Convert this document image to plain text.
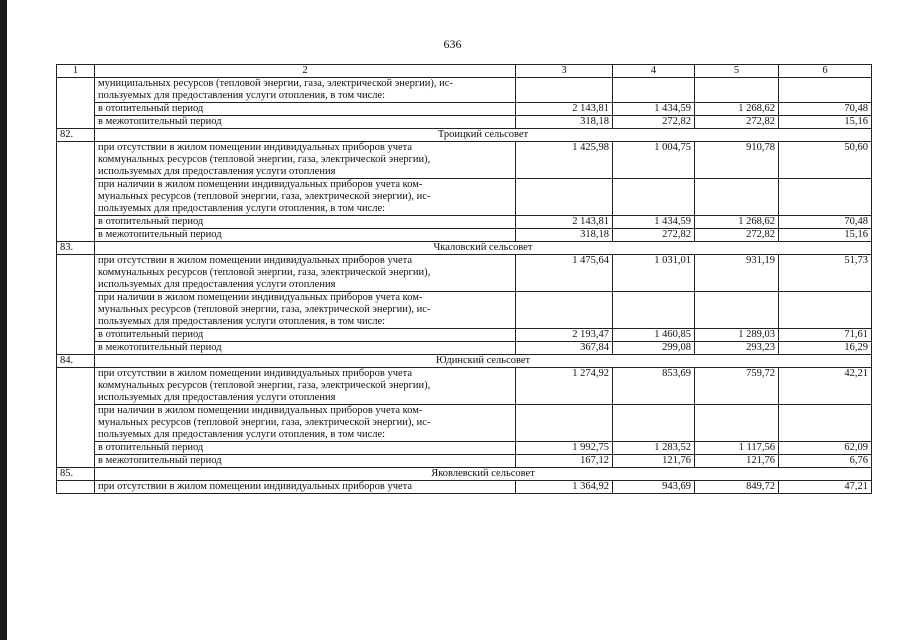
636
1	2	3	4	5	6
	муниципальных ресурсов (тепловой энергии, газа, электрической энергии), ис-
пользуемых для предоставления услуги отопления, в том числе:				
	в отопительный период	2 143,81	1 434,59	1 268,62	70,48
	в межотопительный период	318,18	272,82	272,82	15,16
82.	Троицкий сельсовет				
	при отсутствии в жилом помещении индивидуальных приборов учета
коммунальных ресурсов (тепловой энергии, газа, электрической энергии),
используемых для предоставления услуги отопления	1 425,98	1 004,75	910,78	50,60
	при наличии в жилом помещении индивидуальных приборов учета ком-
мунальных ресурсов (тепловой энергии, газа, электрической энергии), ис-
пользуемых для предоставления услуги отопления, в том числе:				
	в отопительный период	2 143,81	1 434,59	1 268,62	70,48
	в межотопительный период	318,18	272,82	272,82	15,16
83.	Чкаловский сельсовет				
	при отсутствии в жилом помещении индивидуальных приборов учета
коммунальных ресурсов (тепловой энергии, газа, электрической энергии),
используемых для предоставления услуги отопления	1 475,64	1 031,01	931,19	51,73
	при наличии в жилом помещении индивидуальных приборов учета ком-
мунальных ресурсов (тепловой энергии, газа, электрической энергии), ис-
пользуемых для предоставления услуги отопления, в том числе:				
	в отопительный период	2 193,47	1 460,85	1 289,03	71,61
	в межотопительный период	367,84	299,08	293,23	16,29
84.	Юдинский сельсовет				
	при отсутствии в жилом помещении индивидуальных приборов учета
коммунальных ресурсов (тепловой энергии, газа, электрической энергии),
используемых для предоставления услуги отопления	1 274,92	853,69	759,72	42,21
	при наличии в жилом помещении индивидуальных приборов учета ком-
мунальных ресурсов (тепловой энергии, газа, электрической энергии), ис-
пользуемых для предоставления услуги отопления, в том числе:				
	в отопительный период	1 992,75	1 283,52	1 117,56	62,09
	в межотопительный период	167,12	121,76	121,76	6,76
85.	Яковлевский сельсовет				
	при отсутствии в жилом помещении индивидуальных приборов учета	1 364,92	943,69	849,72	47,21
